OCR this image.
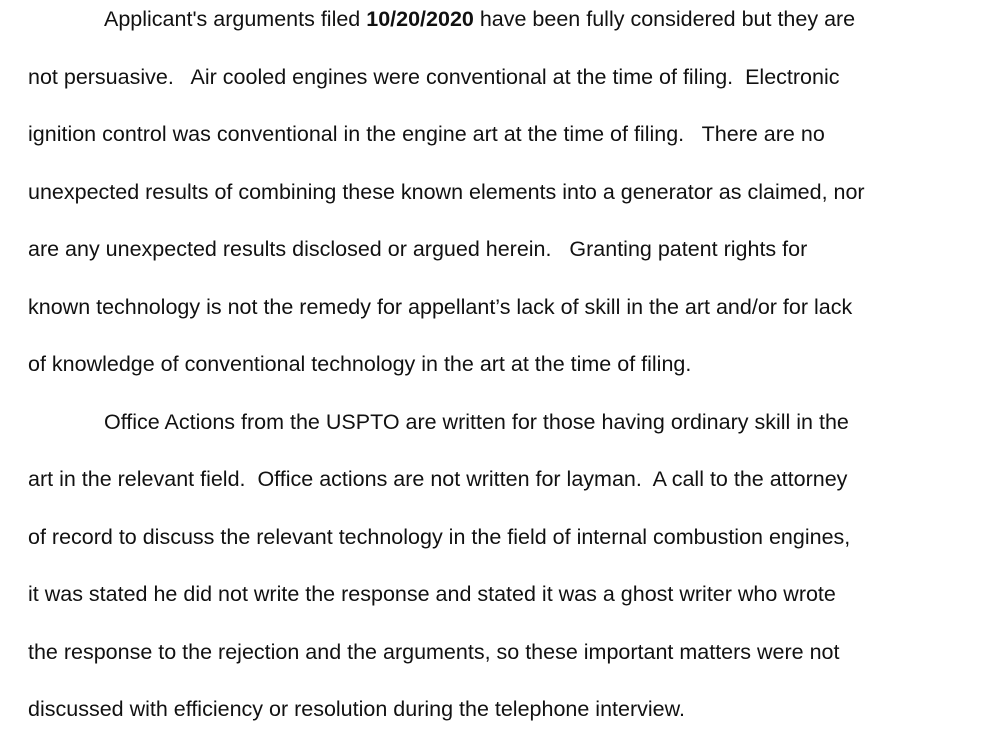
Applicant's arguments filed 10/20/2020 have been fully considered but they are
not persuasive.   Air cooled engines were conventional at the time of filing.  Electronic
ignition control was conventional in the engine art at the time of filing.   There are no
unexpected results of combining these known elements into a generator as claimed, nor
are any unexpected results disclosed or argued herein.   Granting patent rights for
known technology is not the remedy for appellant’s lack of skill in the art and/or for lack
of knowledge of conventional technology in the art at the time of filing.
Office Actions from the USPTO are written for those having ordinary skill in the
art in the relevant field.  Office actions are not written for layman.  A call to the attorney
of record to discuss the relevant technology in the field of internal combustion engines,
it was stated he did not write the response and stated it was a ghost writer who wrote
the response to the rejection and the arguments, so these important matters were not
discussed with efficiency or resolution during the telephone interview.
